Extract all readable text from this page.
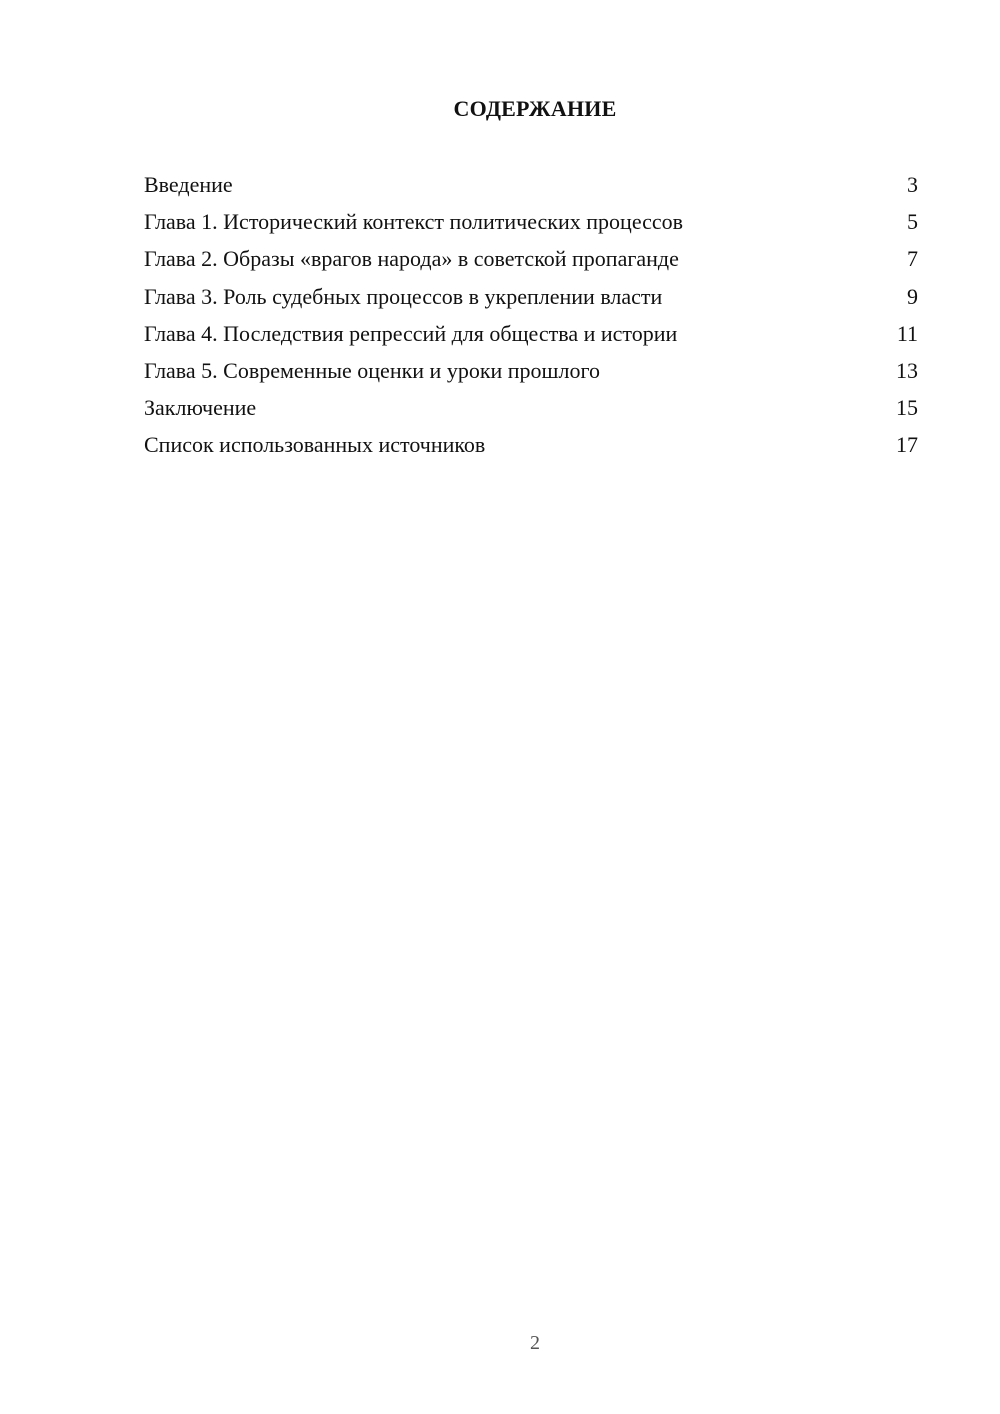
СОДЕРЖАНИЕ
Введение	3
Глава 1. Исторический контекст политических процессов	5
Глава 2. Образы «врагов народа» в советской пропаганде	7
Глава 3. Роль судебных процессов в укреплении власти	9
Глава 4. Последствия репрессий для общества и истории	11
Глава 5. Современные оценки и уроки прошлого	13
Заключение	15
Список использованных источников	17
2
